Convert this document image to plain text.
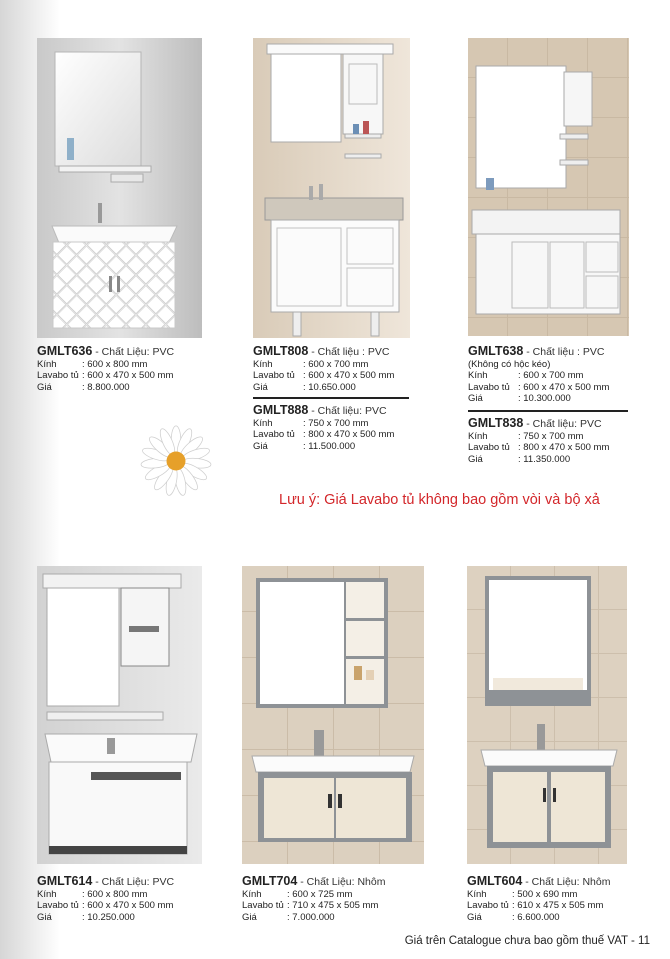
GMLT636 - Chất Liệu: PVC
Kính	: 600 x 800 mm
Lavabo tủ : 600 x 470 x 500 mm
Giá	: 8.800.000
GMLT808 - Chất liệu : PVC
Kính	: 600 x 700 mm
Lavabo tủ : 600 x 470 x 500 mm
Giá	: 10.650.000
GMLT888 - Chất liệu: PVC
Kính	: 750 x 700 mm
Lavabo tủ : 800 x 470 x 500 mm
Giá	: 11.500.000
GMLT638 - Chất liệu : PVC
(Không có hộc kéo)
Kính	: 600 x 700 mm
Lavabo tủ : 600 x 470 x 500 mm
Giá	: 10.300.000
GMLT838 - Chất liệu: PVC
Kính	: 750 x 700 mm
Lavabo tủ : 800 x 470 x 500 mm
Giá	: 11.350.000
Lưu ý: Giá Lavabo tủ không bao gồm vòi và bộ xả
GMLT614 - Chất Liệu: PVC
Kính	: 600 x 800 mm
Lavabo tủ : 600 x 470 x 500 mm
Giá	: 10.250.000
GMLT704 - Chất Liệu: Nhôm
Kính	: 600 x 725 mm
Lavabo tủ : 710 x 475 x 505 mm
Giá	: 7.000.000
GMLT604 - Chất Liệu: Nhôm
Kính	: 500 x 690 mm
Lavabo tủ : 610 x 475 x 505 mm
Giá	: 6.600.000
Giá trên Catalogue chưa bao gồm thuế VAT - 11
